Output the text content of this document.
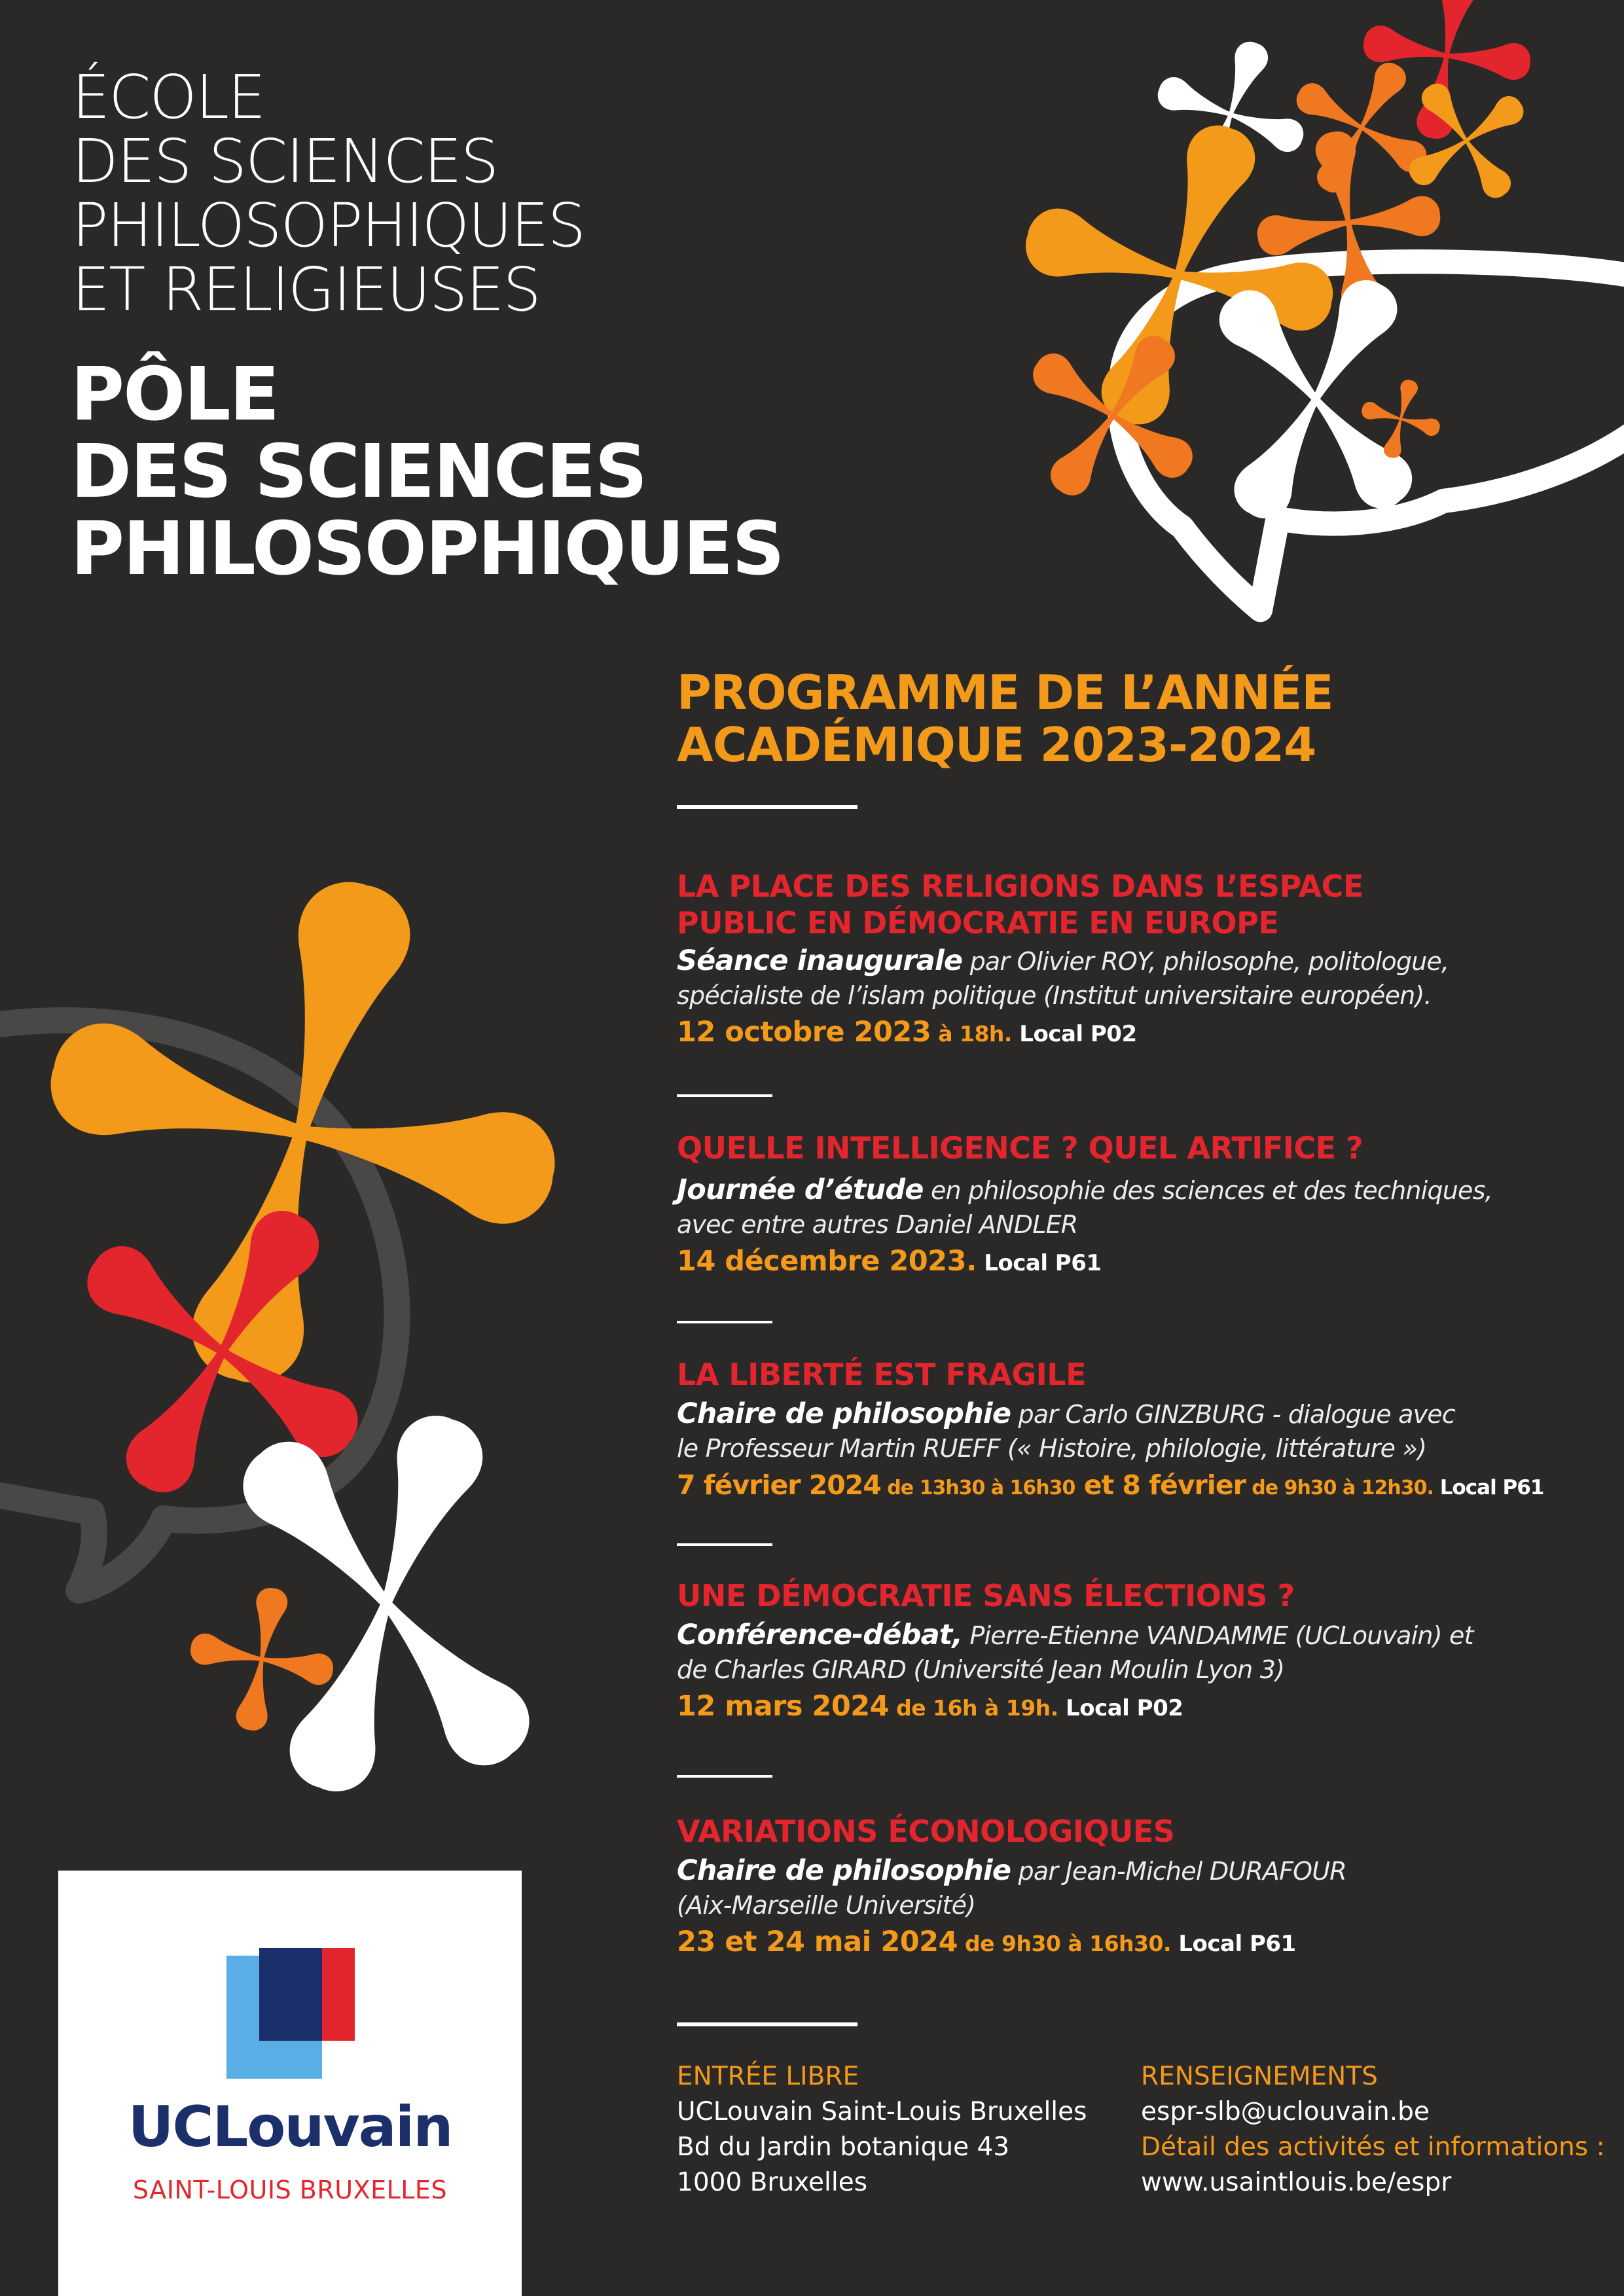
ÉCOLE
DES SCIENCES
PHILOSOPHIQUES
ET RELIGIEUSES
PÔLE
DES SCIENCES
PHILOSOPHIQUES
PROGRAMME DE L’ANNÉE
ACADÉMIQUE 2023-2024
LA PLACE DES RELIGIONS DANS L’ESPACE
PUBLIC EN DÉMOCRATIE EN EUROPE
Séance inaugurale par Olivier ROY, philosophe, politologue,
spécialiste de l’islam politique (Institut universitaire européen).
12 octobre 2023 à 18h. Local P02
QUELLE INTELLIGENCE ? QUEL ARTIFICE ?
Journée d’étude en philosophie des sciences et des techniques,
avec entre autres Daniel ANDLER
14 décembre 2023. Local P61
LA LIBERTÉ EST FRAGILE
Chaire de philosophie par Carlo GINZBURG - dialogue avec
le Professeur Martin RUEFF (« Histoire, philologie, littérature »)
7 février 2024 de 13h30 à 16h30 et 8 février de 9h30 à 12h30. Local P61
UNE DÉMOCRATIE SANS ÉLECTIONS ?
Conférence-débat, Pierre-Etienne VANDAMME (UCLouvain) et
de Charles GIRARD (Université Jean Moulin Lyon 3)
12 mars 2024 de 16h à 19h. Local P02
VARIATIONS ÉCONOLOGIQUES
Chaire de philosophie par Jean-Michel DURAFOUR
(Aix-Marseille Université)
23 et 24 mai 2024 de 9h30 à 16h30. Local P61
ENTRÉE LIBRE
UCLouvain Saint-Louis Bruxelles
Bd du Jardin botanique 43
1000 Bruxelles
RENSEIGNEMENTS
espr-slb@uclouvain.be
Détail des activités et informations :
www.usaintlouis.be/espr
UCLouvain
SAINT-LOUIS BRUXELLES
